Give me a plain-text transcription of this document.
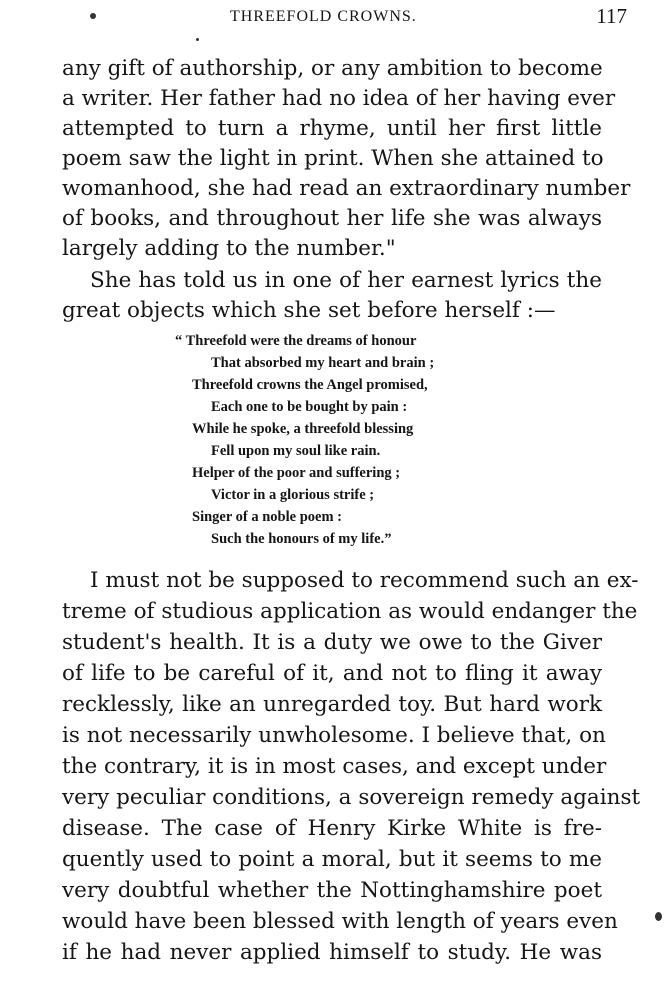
THREEFOLD CROWNS.	117
any gift of authorship, or any ambition to become
a writer. Her father had no idea of her having ever
attempted to turn a rhyme, until her first little
poem saw the light in print. When she attained to
womanhood, she had read an extraordinary number
of books, and throughout her life she was always
largely adding to the number."
She has told us in one of her earnest lyrics the
great objects which she set before herself :—
“ Threefold were the dreams of honour
That absorbed my heart and brain ;
Threefold crowns the Angel promised,
Each one to be bought by pain :
While he spoke, a threefold blessing
Fell upon my soul like rain.
Helper of the poor and suffering ;
Victor in a glorious strife ;
Singer of a noble poem :
Such the honours of my life.”
I must not be supposed to recommend such an ex-
treme of studious application as would endanger the
student's health. It is a duty we owe to the Giver
of life to be careful of it, and not to fling it away
recklessly, like an unregarded toy. But hard work
is not necessarily unwholesome. I believe that, on
the contrary, it is in most cases, and except under
very peculiar conditions, a sovereign remedy against
disease. The case of Henry Kirke White is fre-
quently used to point a moral, but it seems to me
very doubtful whether the Nottinghamshire poet
would have been blessed with length of years even
if he had never applied himself to study. He was
